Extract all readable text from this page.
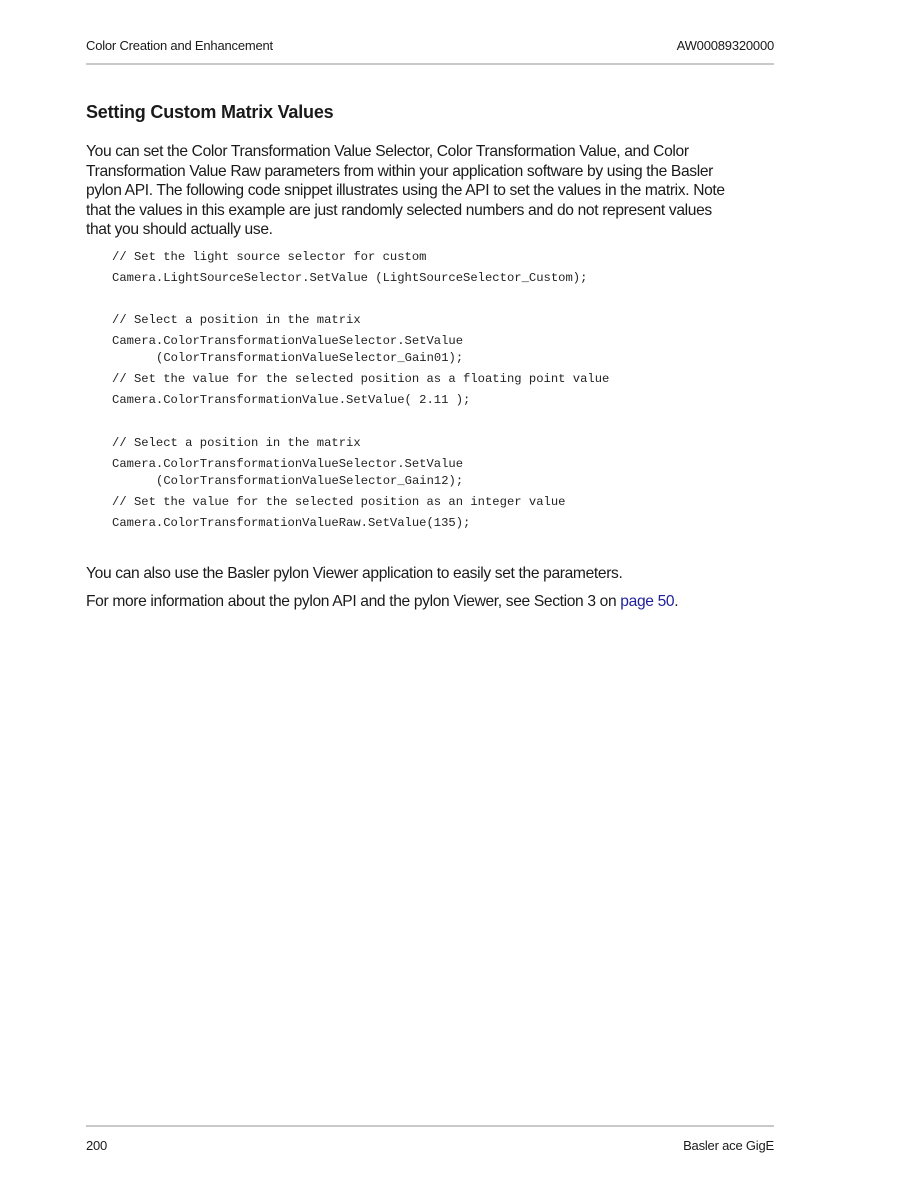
Color Creation and Enhancement	AW00089320000
Setting Custom Matrix Values

You can set the Color Transformation Value Selector, Color Transformation Value, and Color
Transformation Value Raw parameters from within your application software by using the Basler
pylon API. The following code snippet illustrates using the API to set the values in the matrix. Note
that the values in this example are just randomly selected numbers and do not represent values
that you should actually use.

// Set the light source selector for custom
Camera.LightSourceSelector.SetValue (LightSourceSelector_Custom);
// Select a position in the matrix
Camera.ColorTransformationValueSelector.SetValue
(ColorTransformationValueSelector_Gain01);
// Set the value for the selected position as a floating point value
Camera.ColorTransformationValue.SetValue( 2.11 );
// Select a position in the matrix
Camera.ColorTransformationValueSelector.SetValue
(ColorTransformationValueSelector_Gain12);
// Set the value for the selected position as an integer value
Camera.ColorTransformationValueRaw.SetValue(135);

You can also use the Basler pylon Viewer application to easily set the parameters.

For more information about the pylon API and the pylon Viewer, see Section 3 on page 50.

200	Basler ace GigE
